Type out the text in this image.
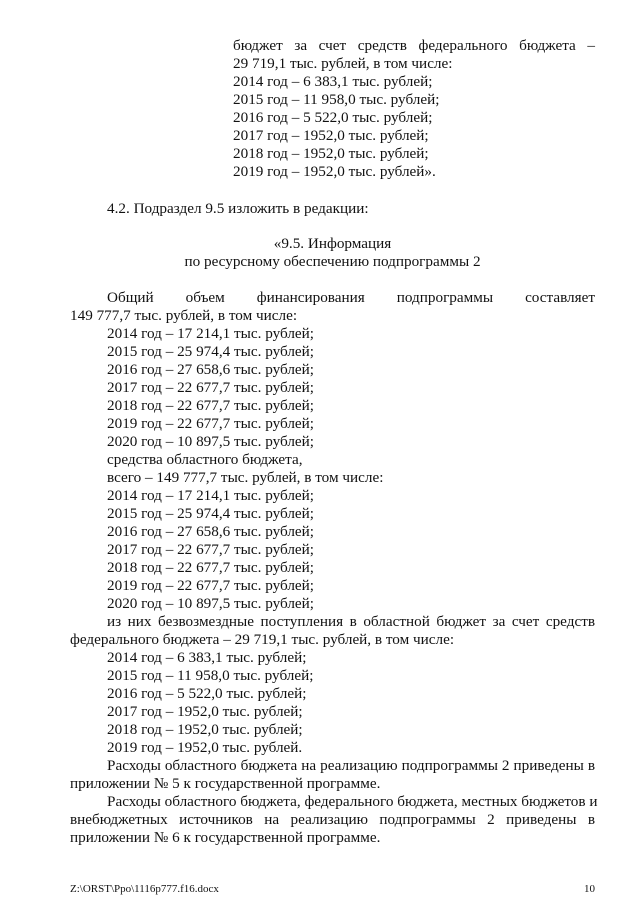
бюджет за счет средств федерального бюджета –

29 719,1 тыс. рублей, в том числе:

2014 год – 6 383,1 тыс. рублей;

2015 год – 11 958,0 тыс. рублей;

2016 год – 5 522,0 тыс. рублей;

2017 год – 1952,0 тыс. рублей;

2018 год – 1952,0 тыс. рублей;

2019 год – 1952,0 тыс. рублей».

4.2. Подраздел 9.5 изложить в редакции:

«9.5. Информация

по ресурсному обеспечению подпрограммы 2

Общий объем финансирования подпрограммы составляет

149 777,7 тыс. рублей, в том числе:

2014 год – 17 214,1 тыс. рублей;

2015 год – 25 974,4 тыс. рублей;

2016 год – 27 658,6 тыс. рублей;

2017 год – 22 677,7 тыс. рублей;

2018 год – 22 677,7 тыс. рублей;

2019 год – 22 677,7 тыс. рублей;

2020 год – 10 897,5 тыс. рублей;

средства областного бюджета,

всего – 149 777,7 тыс. рублей, в том числе:

2014 год – 17 214,1 тыс. рублей;

2015 год – 25 974,4 тыс. рублей;

2016 год – 27 658,6 тыс. рублей;

2017 год – 22 677,7 тыс. рублей;

2018 год – 22 677,7 тыс. рублей;

2019 год – 22 677,7 тыс. рублей;

2020 год – 10 897,5 тыс. рублей;

из них безвозмездные поступления в областной бюджет за счет средств

федерального бюджета – 29 719,1 тыс. рублей, в том числе:

2014 год – 6 383,1 тыс. рублей;

2015 год – 11 958,0 тыс. рублей;

2016 год – 5 522,0 тыс. рублей;

2017 год – 1952,0 тыс. рублей;

2018 год – 1952,0 тыс. рублей;

2019 год – 1952,0 тыс. рублей.

Расходы областного бюджета на реализацию подпрограммы 2 приведены в

приложении № 5 к государственной программе.

Расходы областного бюджета, федерального бюджета, местных бюджетов и

внебюджетных источников на реализацию подпрограммы 2 приведены в

приложении № 6 к государственной программе.

Z:\ORST\Ppo\1116p777.f16.docx	10
